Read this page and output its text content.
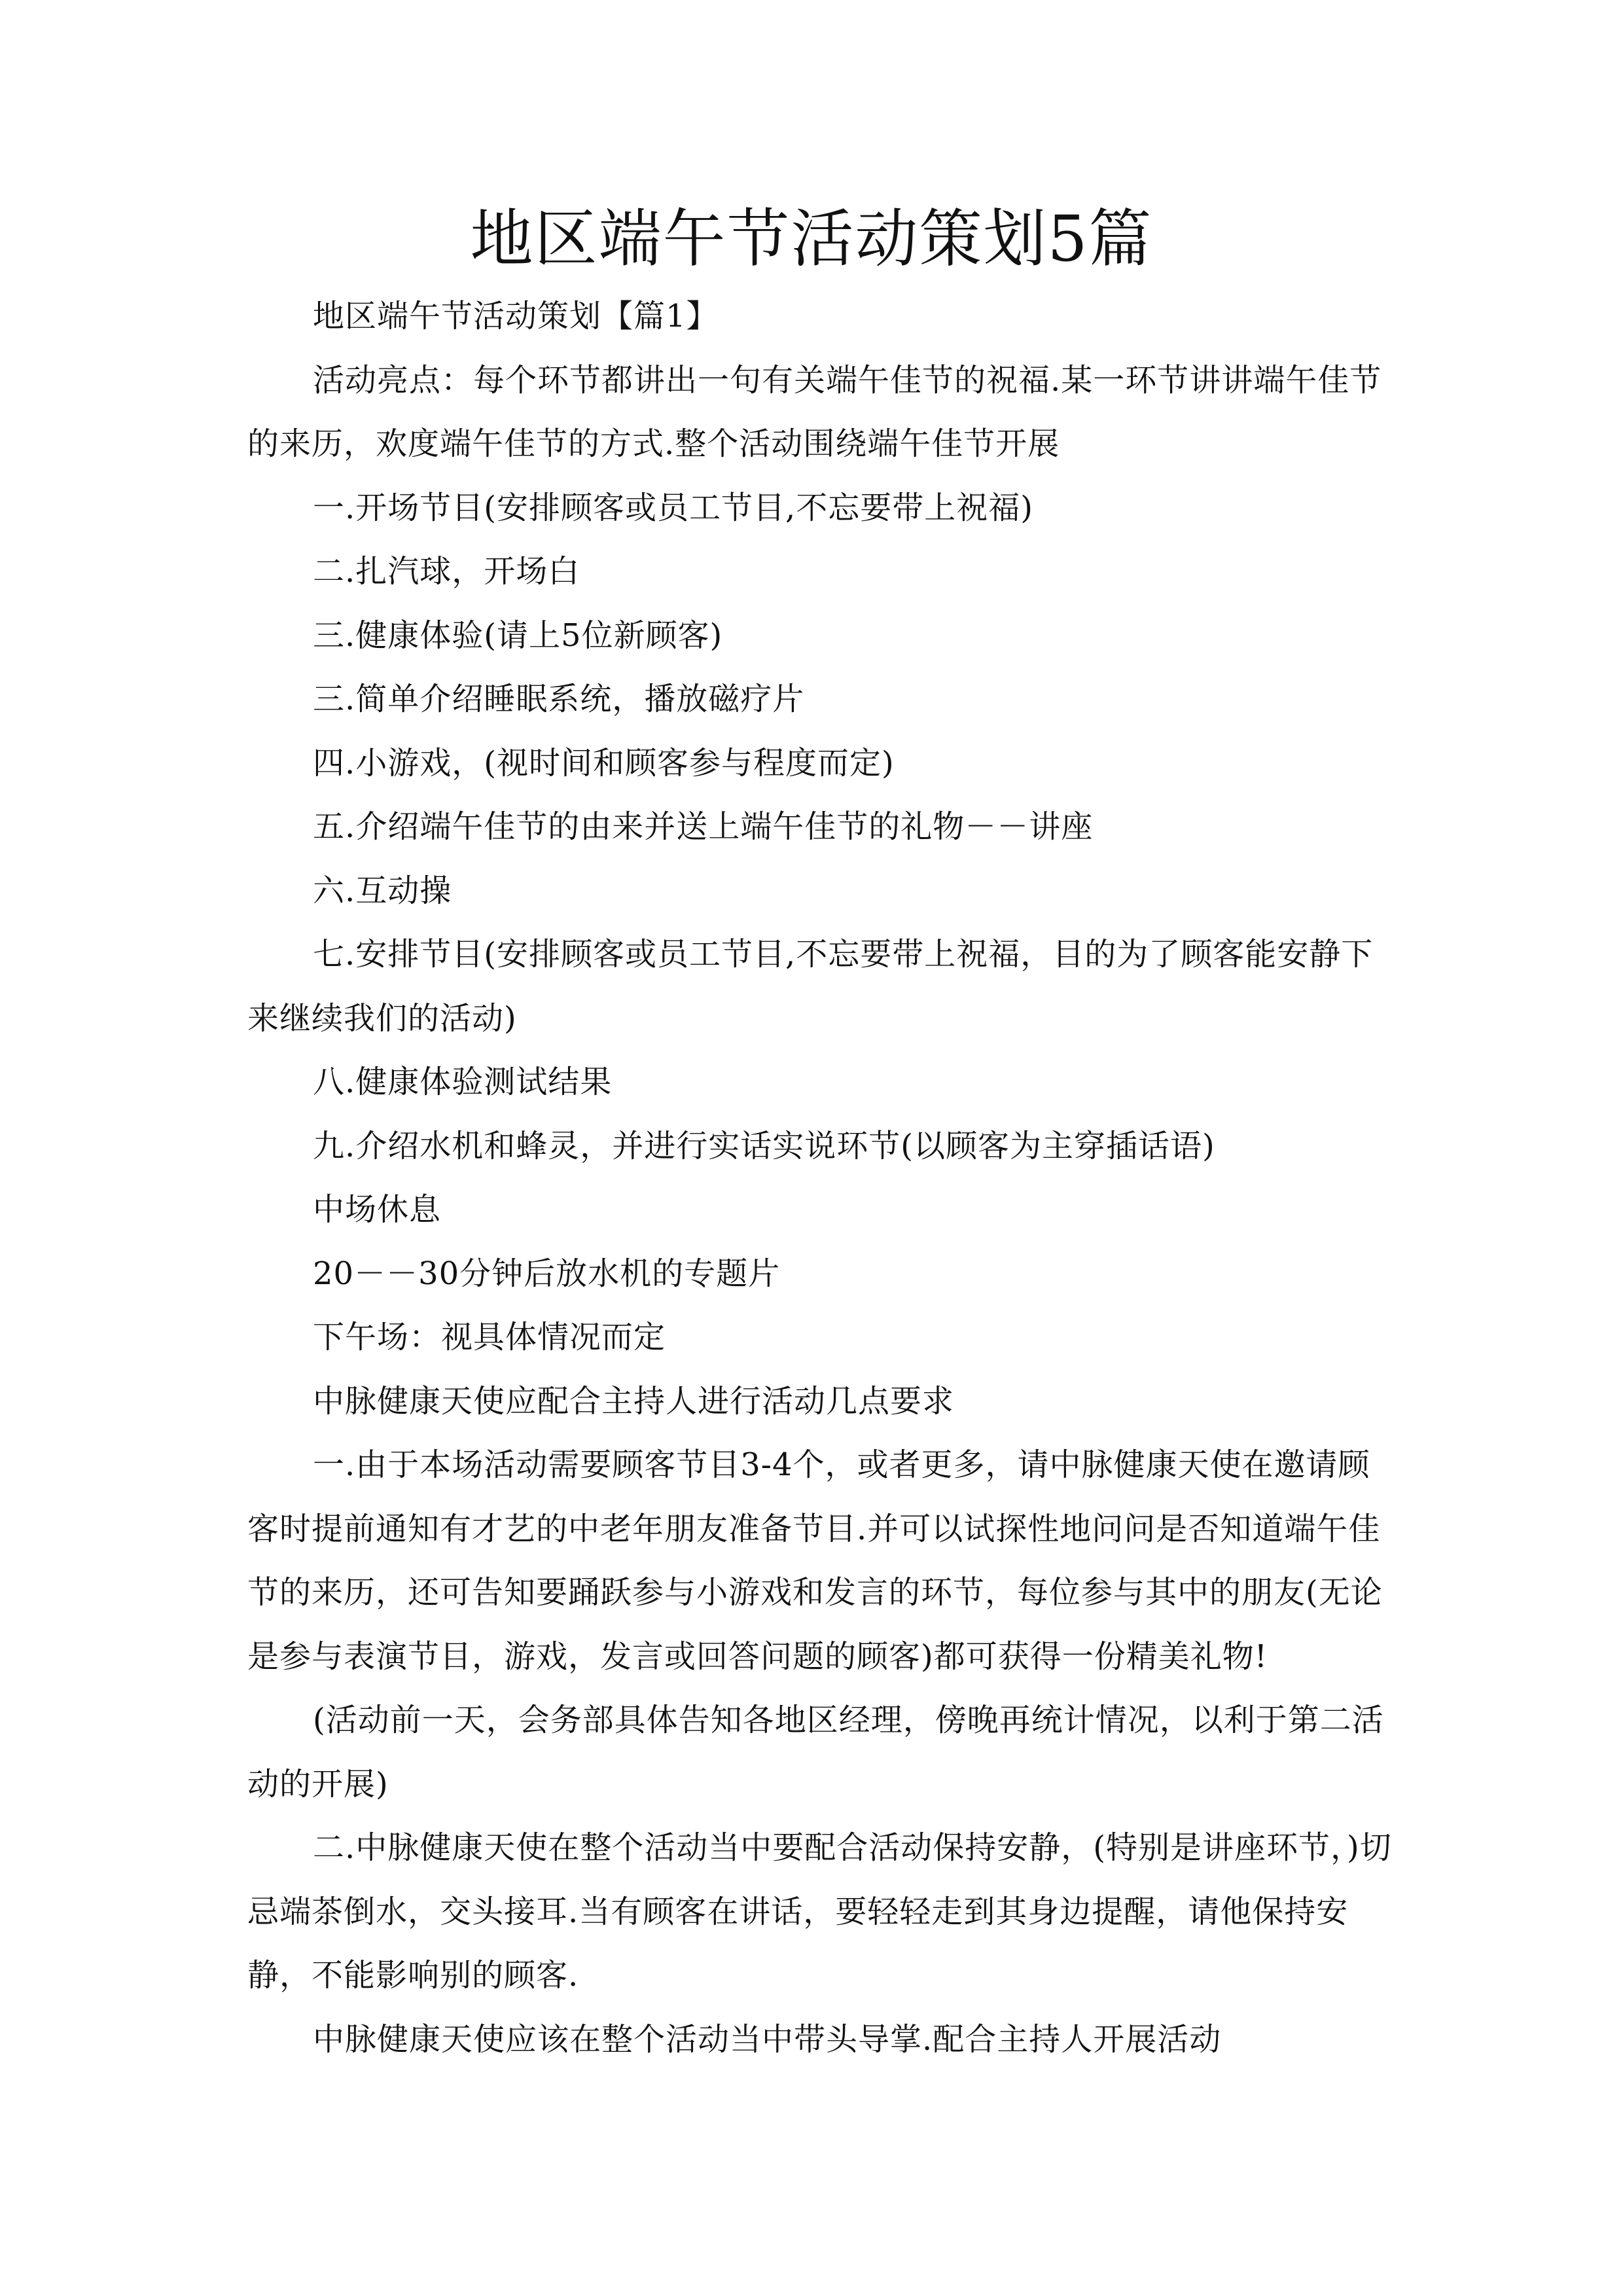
地区端午节活动策划5篇

地区端午节活动策划【篇1】

活动亮点：每个环节都讲出一句有关端午佳节的祝福.某一环节讲讲端午佳节的来历，欢度端午佳节的方式.整个活动围绕端午佳节开展

一.开场节目(安排顾客或员工节目,不忘要带上祝福)

二.扎汽球，开场白

三.健康体验(请上5位新顾客)

三.简单介绍睡眠系统，播放磁疗片

四.小游戏，(视时间和顾客参与程度而定)

五.介绍端午佳节的由来并送上端午佳节的礼物－－讲座

六.互动操

七.安排节目(安排顾客或员工节目,不忘要带上祝福，目的为了顾客能安静下来继续我们的活动)

八.健康体验测试结果

九.介绍水机和蜂灵，并进行实话实说环节(以顾客为主穿插话语)

中场休息

20－－30分钟后放水机的专题片

下午场：视具体情况而定

中脉健康天使应配合主持人进行活动几点要求

一.由于本场活动需要顾客节目3-4个，或者更多，请中脉健康天使在邀请顾客时提前通知有才艺的中老年朋友准备节目.并可以试探性地问问是否知道端午佳节的来历，还可告知要踊跃参与小游戏和发言的环节，每位参与其中的朋友(无论是参与表演节目，游戏，发言或回答问题的顾客)都可获得一份精美礼物!

(活动前一天，会务部具体告知各地区经理，傍晚再统计情况，以利于第二活动的开展)

二.中脉健康天使在整个活动当中要配合活动保持安静，(特别是讲座环节，)切忌端茶倒水，交头接耳.当有顾客在讲话，要轻轻走到其身边提醒，请他保持安静，不能影响别的顾客.

中脉健康天使应该在整个活动当中带头导掌.配合主持人开展活动
